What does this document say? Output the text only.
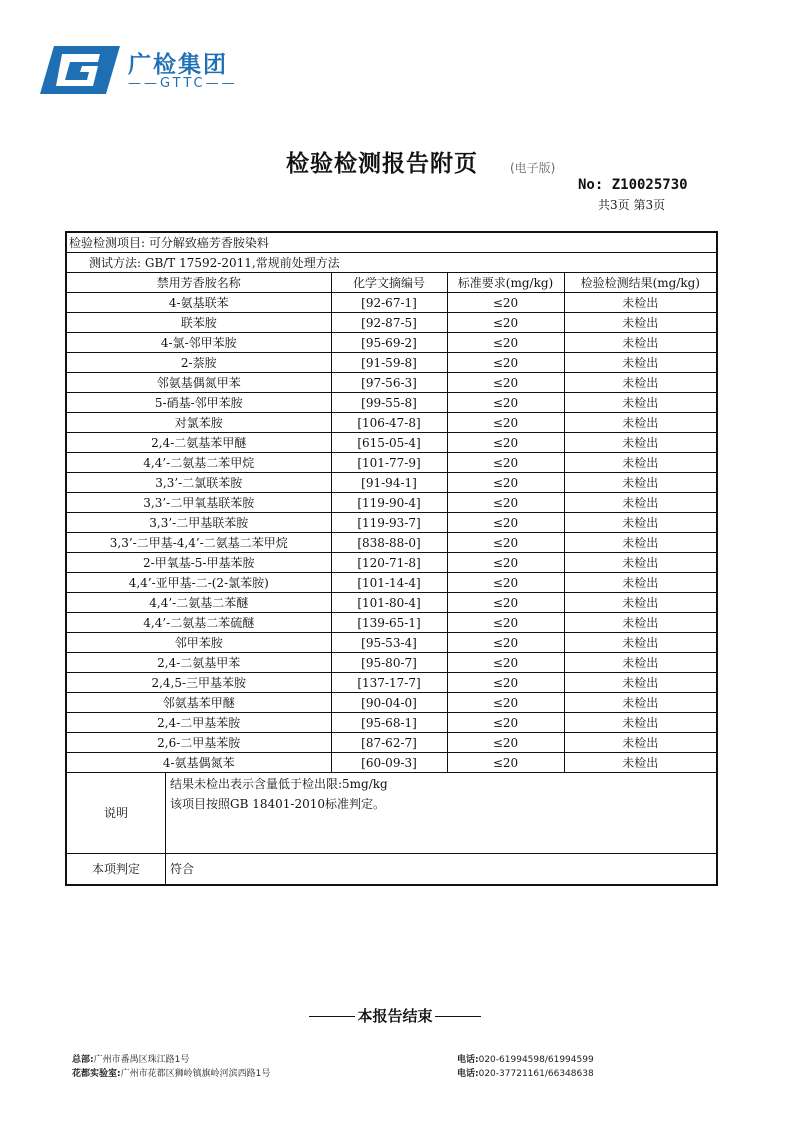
广检集团
——GTTC——
检验检测报告附页	(电子版)
No: Z10025730
共3页 第3页
检验检测项目: 可分解致癌芳香胺染料			
测试方法: GB/T 17592-2011,常规前处理方法			
禁用芳香胺名称	化学文摘编号	标准要求(mg/kg)	检验检测结果(mg/kg)
4-氨基联苯	[92-67-1]	≤20	未检出
联苯胺	[92-87-5]	≤20	未检出
4-氯-邻甲苯胺	[95-69-2]	≤20	未检出
2-萘胺	[91-59-8]	≤20	未检出
邻氨基偶氮甲苯	[97-56-3]	≤20	未检出
5-硝基-邻甲苯胺	[99-55-8]	≤20	未检出
对氯苯胺	[106-47-8]	≤20	未检出
2,4-二氨基苯甲醚	[615-05-4]	≤20	未检出
4,4’-二氨基二苯甲烷	[101-77-9]	≤20	未检出
3,3’-二氯联苯胺	[91-94-1]	≤20	未检出
3,3’-二甲氧基联苯胺	[119-90-4]	≤20	未检出
3,3’-二甲基联苯胺	[119-93-7]	≤20	未检出
3,3’-二甲基-4,4’-二氨基二苯甲烷	[838-88-0]	≤20	未检出
2-甲氧基-5-甲基苯胺	[120-71-8]	≤20	未检出
4,4’-亚甲基-二-(2-氯苯胺)	[101-14-4]	≤20	未检出
4,4’-二氨基二苯醚	[101-80-4]	≤20	未检出
4,4’-二氨基二苯硫醚	[139-65-1]	≤20	未检出
邻甲苯胺	[95-53-4]	≤20	未检出
2,4-二氨基甲苯	[95-80-7]	≤20	未检出
2,4,5-三甲基苯胺	[137-17-7]	≤20	未检出
邻氨基苯甲醚	[90-04-0]	≤20	未检出
2,4-二甲基苯胺	[95-68-1]	≤20	未检出
2,6-二甲基苯胺	[87-62-7]	≤20	未检出
4-氨基偶氮苯	[60-09-3]	≤20	未检出

说明
结果未检出表示含量低于检出限:5mg/kg
该项目按照GB 18401-2010标准判定。			

本项判定 符合			
本报告结束
总部:广州市番禺区珠江路1号
花都实验室:广州市花都区狮岭镇旗岭河滨西路1号
电话:020-61994598/61994599
电话:020-37721161/66348638
